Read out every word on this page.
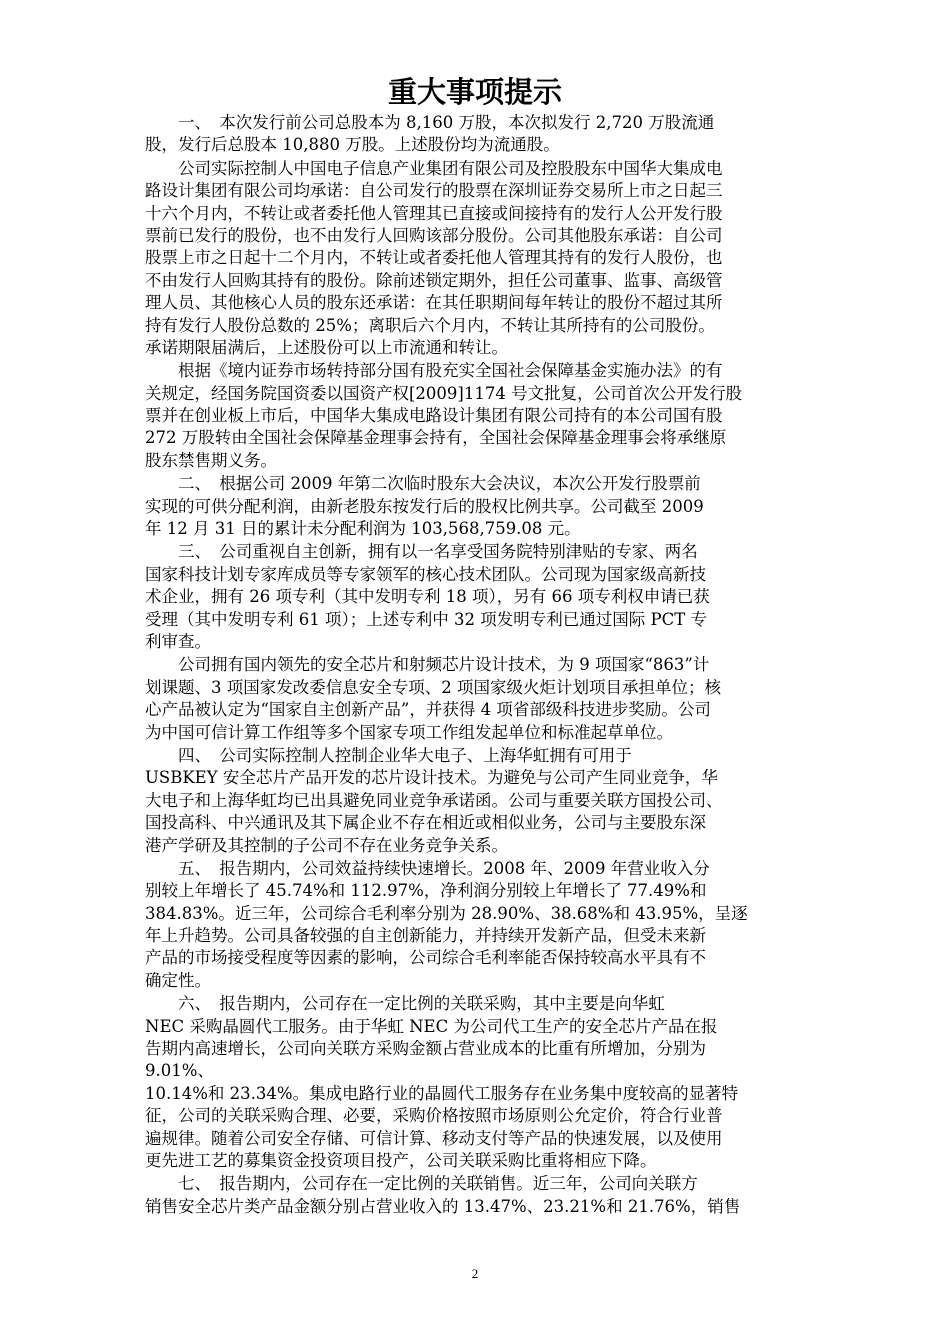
重大事项提示
　　一、　本次发行前公司总股本为 8,160 万股，本次拟发行 2,720 万股流通
股，发行后总股本 10,880 万股。上述股份均为流通股。
　　公司实际控制人中国电子信息产业集团有限公司及控股股东中国华大集成电
路设计集团有限公司均承诺：自公司发行的股票在深圳证券交易所上市之日起三
十六个月内，不转让或者委托他人管理其已直接或间接持有的发行人公开发行股
票前已发行的股份，也不由发行人回购该部分股份。公司其他股东承诺：自公司
股票上市之日起十二个月内，不转让或者委托他人管理其持有的发行人股份，也
不由发行人回购其持有的股份。除前述锁定期外，担任公司董事、监事、高级管
理人员、其他核心人员的股东还承诺：在其任职期间每年转让的股份不超过其所
持有发行人股份总数的 25%；离职后六个月内，不转让其所持有的公司股份。
承诺期限届满后，上述股份可以上市流通和转让。
　　根据《境内证券市场转持部分国有股充实全国社会保障基金实施办法》的有
关规定，经国务院国资委以国资产权[2009]1174 号文批复，公司首次公开发行股
票并在创业板上市后，中国华大集成电路设计集团有限公司持有的本公司国有股
272 万股转由全国社会保障基金理事会持有，全国社会保障基金理事会将承继原
股东禁售期义务。
　　二、　根据公司 2009 年第二次临时股东大会决议，本次公开发行股票前
实现的可供分配利润，由新老股东按发行后的股权比例共享。公司截至 2009
年 12 月 31 日的累计未分配利润为 103,568,759.08 元。
　　三、　公司重视自主创新，拥有以一名享受国务院特别津贴的专家、两名
国家科技计划专家库成员等专家领军的核心技术团队。公司现为国家级高新技
术企业，拥有 26 项专利（其中发明专利 18 项），另有 66 项专利权申请已获
受理（其中发明专利 61 项）；上述专利中 32 项发明专利已通过国际 PCT 专
利审查。
　　公司拥有国内领先的安全芯片和射频芯片设计技术，为 9 项国家“863”计
划课题、3 项国家发改委信息安全专项、2 项国家级火炬计划项目承担单位；核
心产品被认定为“国家自主创新产品”，并获得 4 项省部级科技进步奖励。公司
为中国可信计算工作组等多个国家专项工作组发起单位和标准起草单位。
　　四、　公司实际控制人控制企业华大电子、上海华虹拥有可用于
USBKEY 安全芯片产品开发的芯片设计技术。为避免与公司产生同业竞争，华
大电子和上海华虹均已出具避免同业竞争承诺函。公司与重要关联方国投公司、
国投高科、中兴通讯及其下属企业不存在相近或相似业务，公司与主要股东深
港产学研及其控制的子公司不存在业务竞争关系。
　　五、　报告期内，公司效益持续快速增长。2008 年、2009 年营业收入分
别较上年增长了 45.74%和 112.97%，净利润分别较上年增长了 77.49%和
384.83%。近三年，公司综合毛利率分别为 28.90%、38.68%和 43.95%，呈逐
年上升趋势。公司具备较强的自主创新能力，并持续开发新产品，但受未来新
产品的市场接受程度等因素的影响，公司综合毛利率能否保持较高水平具有不
确定性。
　　六、　报告期内，公司存在一定比例的关联采购，其中主要是向华虹
NEC 采购晶圆代工服务。由于华虹 NEC 为公司代工生产的安全芯片产品在报
告期内高速增长，公司向关联方采购金额占营业成本的比重有所增加，分别为
9.01%、
10.14%和 23.34%。集成电路行业的晶圆代工服务存在业务集中度较高的显著特
征，公司的关联采购合理、必要，采购价格按照市场原则公允定价，符合行业普
遍规律。随着公司安全存储、可信计算、移动支付等产品的快速发展，以及使用
更先进工艺的募集资金投资项目投产，公司关联采购比重将相应下降。
　　七、　报告期内，公司存在一定比例的关联销售。近三年，公司向关联方
销售安全芯片类产品金额分别占营业收入的 13.47%、23.21%和 21.76%，销售
2
